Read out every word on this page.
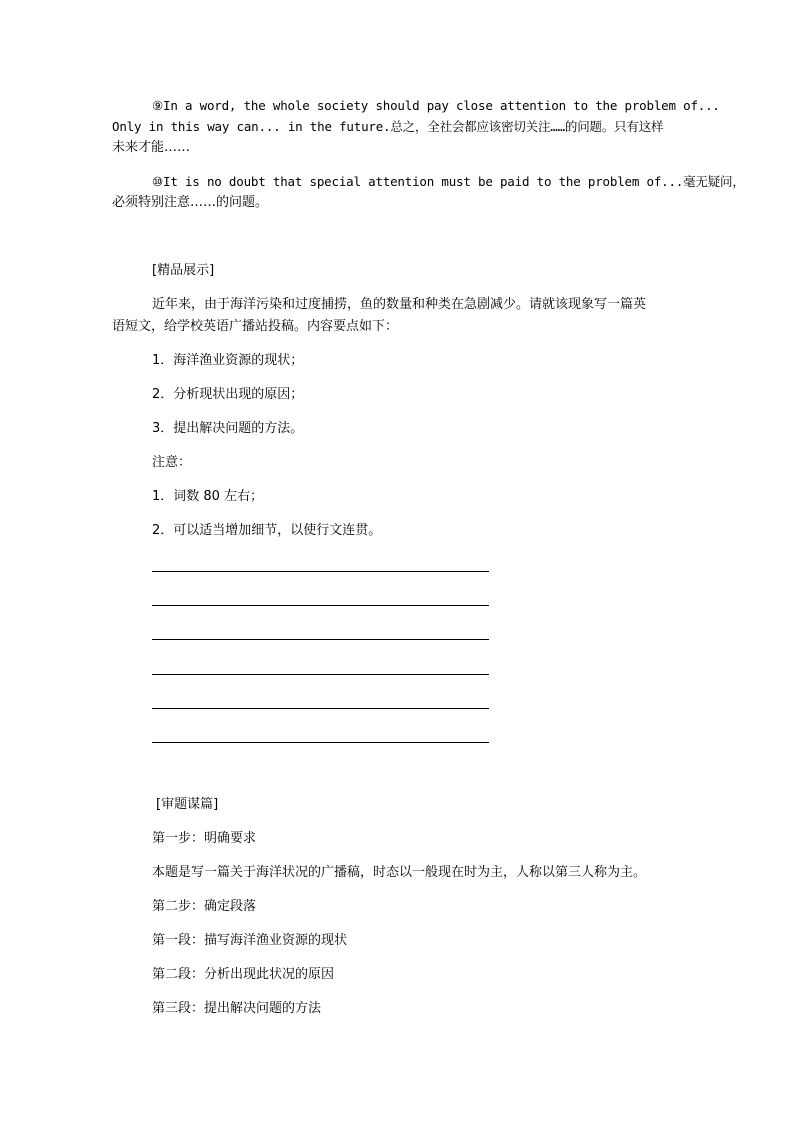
⑨In a word, the whole society should pay close attention to the problem of...
Only in this way can... in the future.总之，全社会都应该密切关注……的问题。只有这样
未来才能……
⑩It is no doubt that special attention must be paid to the problem of...毫无疑问，
必须特别注意……的问题。
[精品展示]
近年来，由于海洋污染和过度捕捞，鱼的数量和种类在急剧减少。请就该现象写一篇英
语短文，给学校英语广播站投稿。内容要点如下：
1．海洋渔业资源的现状；
2．分析现状出现的原因；
3．提出解决问题的方法。
注意：
1．词数 80 左右；
2．可以适当增加细节，以使行文连贯。
[审题谋篇]
第一步：明确要求
本题是写一篇关于海洋状况的广播稿，时态以一般现在时为主，人称以第三人称为主。
第二步：确定段落
第一段：描写海洋渔业资源的现状
第二段：分析出现此状况的原因
第三段：提出解决问题的方法
